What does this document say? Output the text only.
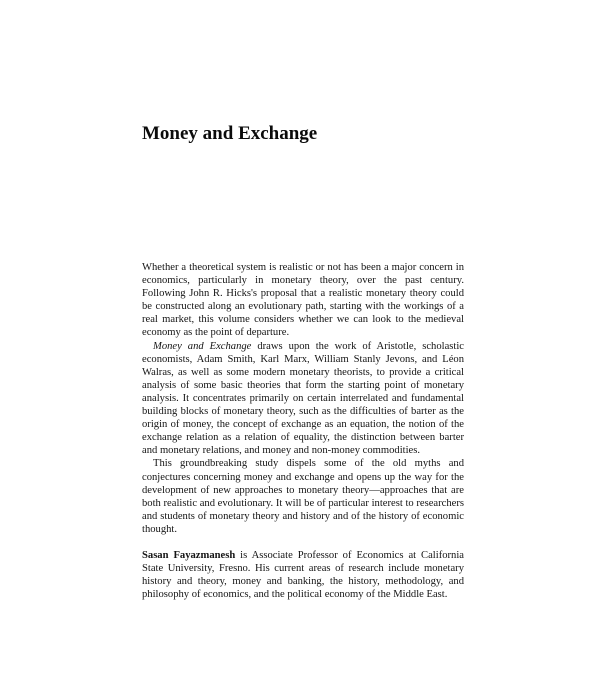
Money and Exchange

Whether a theoretical system is realistic or not has been a major concern in economics, particularly in monetary theory, over the past century. Following John R. Hicks's proposal that a realistic monetary theory could be constructed along an evolutionary path, starting with the workings of a real market, this volume considers whether we can look to the medieval economy as the point of departure.

Money and Exchange draws upon the work of Aristotle, scholastic economists, Adam Smith, Karl Marx, William Stanly Jevons, and Léon Walras, as well as some modern monetary theorists, to provide a critical analysis of some basic theories that form the starting point of monetary analysis. It concentrates primarily on certain interrelated and fundamental building blocks of monetary theory, such as the difficulties of barter as the origin of money, the concept of exchange as an equation, the notion of the exchange relation as a relation of equality, the distinction between barter and monetary relations, and money and non-money commodities.

This groundbreaking study dispels some of the old myths and conjectures concerning money and exchange and opens up the way for the development of new approaches to monetary theory—approaches that are both realistic and evolutionary. It will be of particular interest to researchers and students of monetary theory and history and of the history of economic thought.

Sasan Fayazmanesh is Associate Professor of Economics at California State University, Fresno. His current areas of research include monetary history and theory, money and banking, the history, methodology, and philosophy of economics, and the political economy of the Middle East.
